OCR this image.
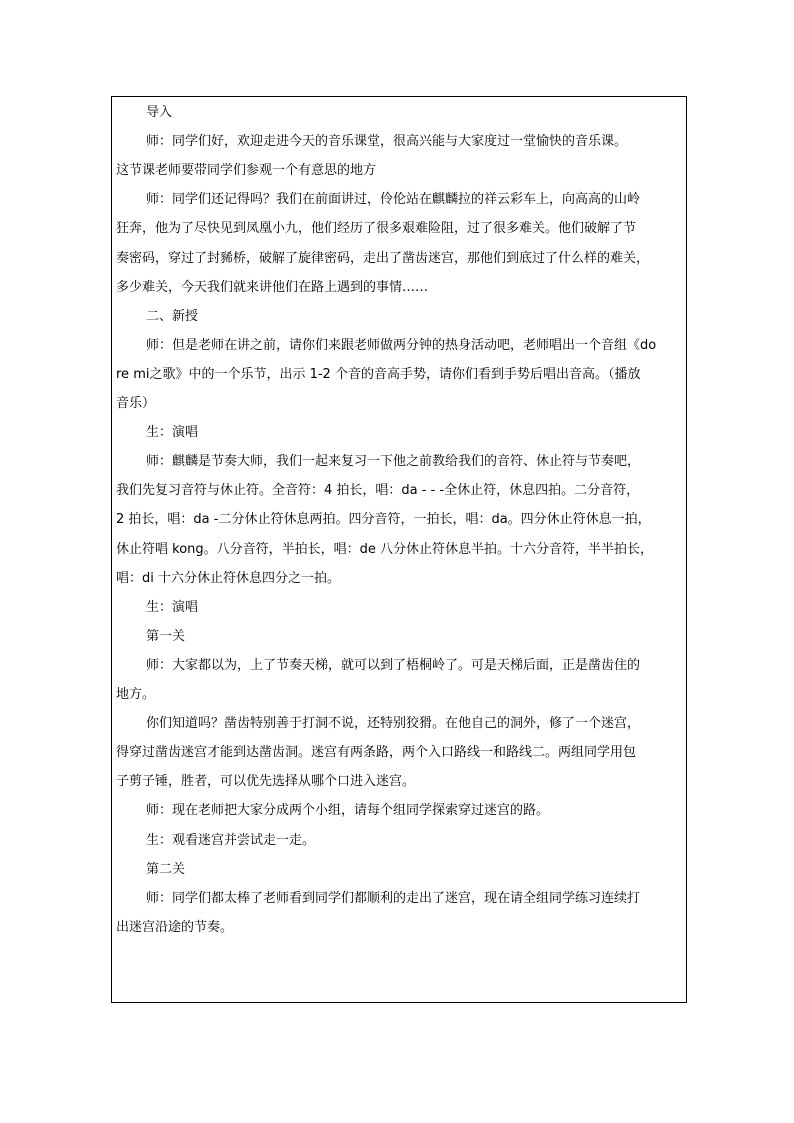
导入

师：同学们好，欢迎走进今天的音乐课堂，很高兴能与大家度过一堂愉快的音乐课。

这节课老师要带同学们参观一个有意思的地方

师：同学们还记得吗？我们在前面讲过，伶伦站在麒麟拉的祥云彩车上，向高高的山岭

狂奔，他为了尽快见到凤凰小九，他们经历了很多艰难险阻，过了很多难关。他们破解了节

奏密码，穿过了封豨桥，破解了旋律密码，走出了凿齿迷宫，那他们到底过了什么样的难关，

多少难关，今天我们就来讲他们在路上遇到的事情……

二、新授

师：但是老师在讲之前，请你们来跟老师做两分钟的热身活动吧，老师唱出一个音组《do

re mi之歌》中的一个乐节，出示 1-2 个音的音高手势，请你们看到手势后唱出音高。（播放

音乐）

生：演唱

师：麒麟是节奏大师，我们一起来复习一下他之前教给我们的音符、休止符与节奏吧，

我们先复习音符与休止符。全音符：4 拍长，唱：da - - -全休止符，休息四拍。二分音符，

2 拍长，唱：da -二分休止符休息两拍。四分音符，一拍长，唱：da。四分休止符休息一拍，

休止符唱 kong。八分音符，半拍长，唱：de 八分休止符休息半拍。十六分音符，半半拍长，

唱：di 十六分休止符休息四分之一拍。

生：演唱

第一关

师：大家都以为，上了节奏天梯，就可以到了梧桐岭了。可是天梯后面，正是凿齿住的

地方。

你们知道吗？凿齿特别善于打洞不说，还特别狡猾。在他自己的洞外，修了一个迷宫，

得穿过凿齿迷宫才能到达凿齿洞。迷宫有两条路，两个入口路线一和路线二。两组同学用包

子剪子锤，胜者，可以优先选择从哪个口进入迷宫。

师：现在老师把大家分成两个小组，请每个组同学探索穿过迷宫的路。

生：观看迷宫并尝试走一走。

第二关

师：同学们都太棒了老师看到同学们都顺利的走出了迷宫，现在请全组同学练习连续打

出迷宫沿途的节奏。
